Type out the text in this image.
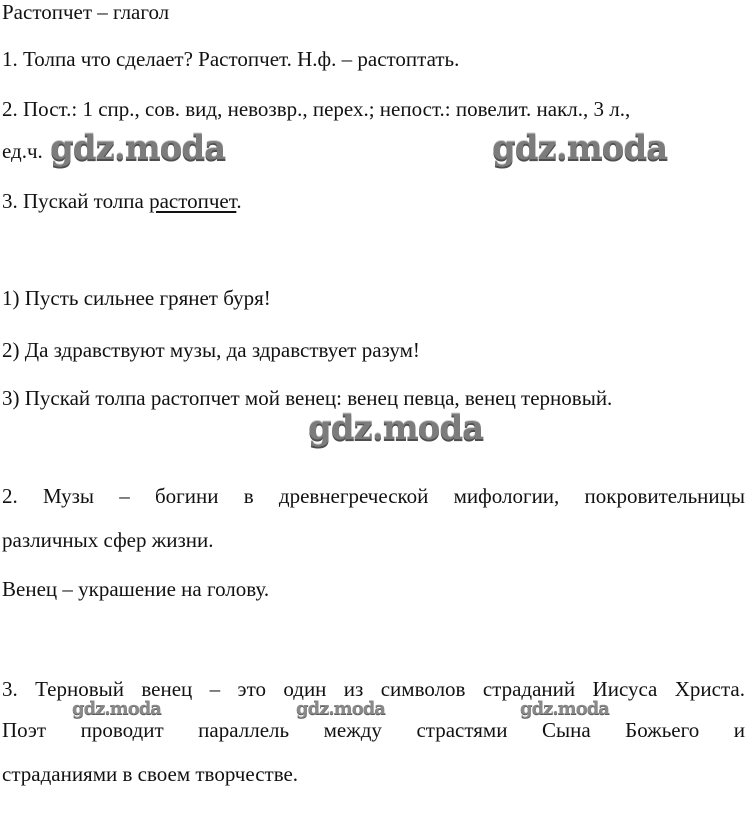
Растопчет – глагол
1. Толпа что сделает? Растопчет. Н.ф. – растоптать.
2. Пост.: 1 спр., сов. вид, невозвр., перех.; непост.: повелит. накл., 3 л.,
ед.ч.
3. Пускай толпа растопчет.
1) Пусть сильнее грянет буря!
2) Да здравствуют музы, да здравствует разум!
3) Пускай толпа растопчет мой венец: венец певца, венец терновый.
2. Музы – богини в древнегреческой мифологии, покровительницы
различных сфер жизни.
Венец – украшение на голову.
3. Терновый венец – это один из символов страданий Иисуса Христа.
Поэт проводит параллель между страстями Сына Божьего и
страданиями в своем творчестве.
gdz.moda	gdz.moda
gdz.moda
gdz.moda	gdz.moda	gdz.moda
